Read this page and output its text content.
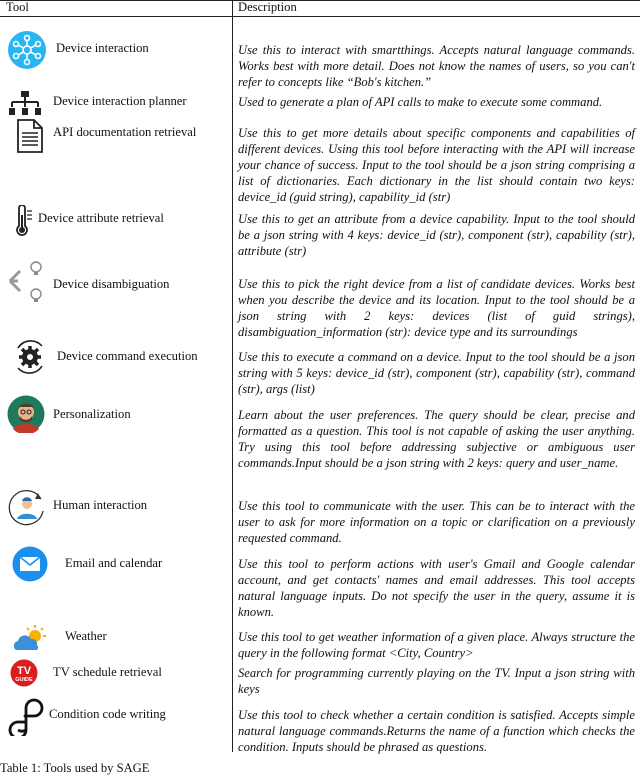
Tool	Description
Device interaction	Use this to interact with smartthings. Accepts natural language commands. Works best with more detail. Does not know the names of users, so you can't refer to concepts like “Bob's kitchen.”
Device interaction planner	Used to generate a plan of API calls to make to execute some command.
API documentation retrieval	Use this to get more details about specific components and capabilities of different devices. Using this tool before interacting with the API will increase your chance of success. Input to the tool should be a json string comprising a list of dictionaries. Each dictionary in the list should contain two keys: device_id (guid string), capability_id (str)
Device attribute retrieval	Use this to get an attribute from a device capability. Input to the tool should be a json string with 4 keys: device_id (str), component (str), capability (str), attribute (str)
Device disambiguation	Use this to pick the right device from a list of candidate devices. Works best when you describe the device and its location. Input to the tool should be a json string with 2 keys: devices (list of guid strings), disambiguation_information (str): device type and its surroundings
Device command execution	Use this to execute a command on a device. Input to the tool should be a json string with 5 keys: device_id (str), component (str), capability (str), command (str), args (list)
Personalization	Learn about the user preferences. The query should be clear, precise and formatted as a question. This tool is not capable of asking the user anything. Try using this tool before addressing subjective or ambiguous user commands.Input should be a json string with 2 keys: query and user_name.
Human interaction	Use this tool to communicate with the user. This can be to interact with the user to ask for more information on a topic or clarification on a previously requested command.
Email and calendar	Use this tool to perform actions with user's Gmail and Google calendar account, and get contacts' names and email addresses. This tool accepts natural language inputs. Do not specify the user in the query, assume it is known.
Weather	Use this tool to get weather information of a given place. Always structure the query in the following format <City, Country>
TV
GUIDE
TV schedule retrieval	Search for programming currently playing on the TV. Input a json string with keys
Condition code writing	Use this tool to check whether a certain condition is satisfied. Accepts simple natural language commands.Returns the name of a function which checks the condition. Inputs should be phrased as questions.
Table 1: Tools used by SAGE
